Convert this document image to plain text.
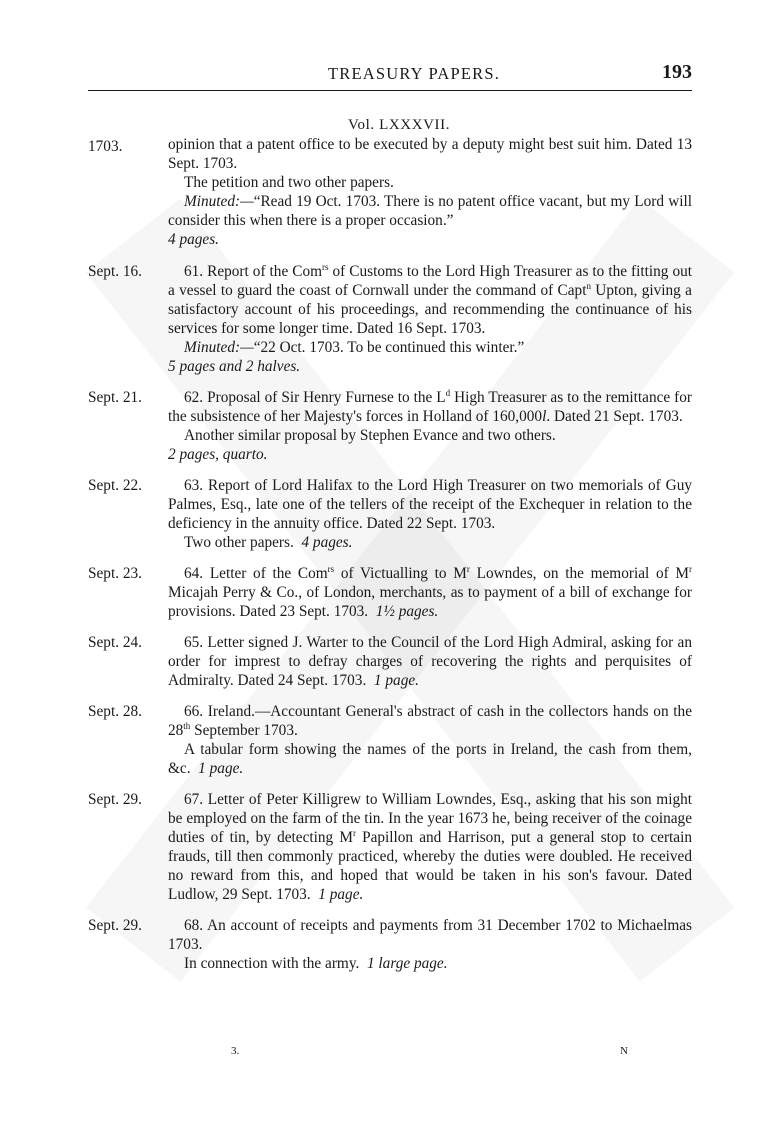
TREASURY PAPERS.	193
Vol. LXXXVII.
1703.	opinion that a patent office to be executed by a deputy might best suit him. Dated 13 Sept. 1703.

The petition and two other papers.

Minuted:—“Read 19 Oct. 1703. There is no patent office vacant, but my Lord will consider this when there is a proper occasion.”

4 pages.

Sept. 16.	61. Report of the Com$^{rs}$ of Customs to the Lord High Treasurer as to the fitting out a vessel to guard the coast of Cornwall under the command of Capt$^n$ Upton, giving a satisfactory account of his proceedings, and recommending the continuance of his services for some longer time. Dated 16 Sept. 1703.

Minuted:—“22 Oct. 1703. To be continued this winter.”

5 pages and 2 halves.

Sept. 21.	62. Proposal of Sir Henry Furnese to the $L^d$ High Treasurer as to the remittance for the subsistence of her Majesty's forces in Holland of 160,000l. Dated 21 Sept. 1703.

Another similar proposal by Stephen Evance and two others.

2 pages, quarto.

Sept. 22.	63. Report of Lord Halifax to the Lord High Treasurer on two memorials of Guy Palmes, Esq., late one of the tellers of the receipt of the Exchequer in relation to the deficiency in the annuity office. Dated 22 Sept. 1703.

Two other papers. 4 pages.

Sept. 23.	64. Letter of the Com$^{rs}$ of Victualling to $M^r$ Lowndes, on the memorial of $M^r$ Micajah Perry & Co., of London, merchants, as to payment of a bill of exchange for provisions. Dated 23 Sept. 1703. 1½ pages.

Sept. 24.	65. Letter signed J. Warter to the Council of the Lord High Admiral, asking for an order for imprest to defray charges of recovering the rights and perquisites of Admiralty. Dated 24 Sept. 1703. 1 page.

Sept. 28.	66. Ireland.—Accountant General's abstract of cash in the collectors hands on the 28th September 1703.

A tabular form showing the names of the ports in Ireland, the cash from them, &c. 1 page.

Sept. 29.	67. Letter of Peter Killigrew to William Lowndes, Esq., asking that his son might be employed on the farm of the tin. In the year 1673 he, being receiver of the coinage duties of tin, by detecting $M^r$ Papillon and Harrison, put a general stop to certain frauds, till then commonly practiced, whereby the duties were doubled. He received no reward from this, and hoped that would be taken in his son's favour. Dated Ludlow, 29 Sept. 1703. 1 page.

Sept. 29.	68. An account of receipts and payments from 31 December 1702 to Michaelmas 1703.

In connection with the army. 1 large page.

3.	N
